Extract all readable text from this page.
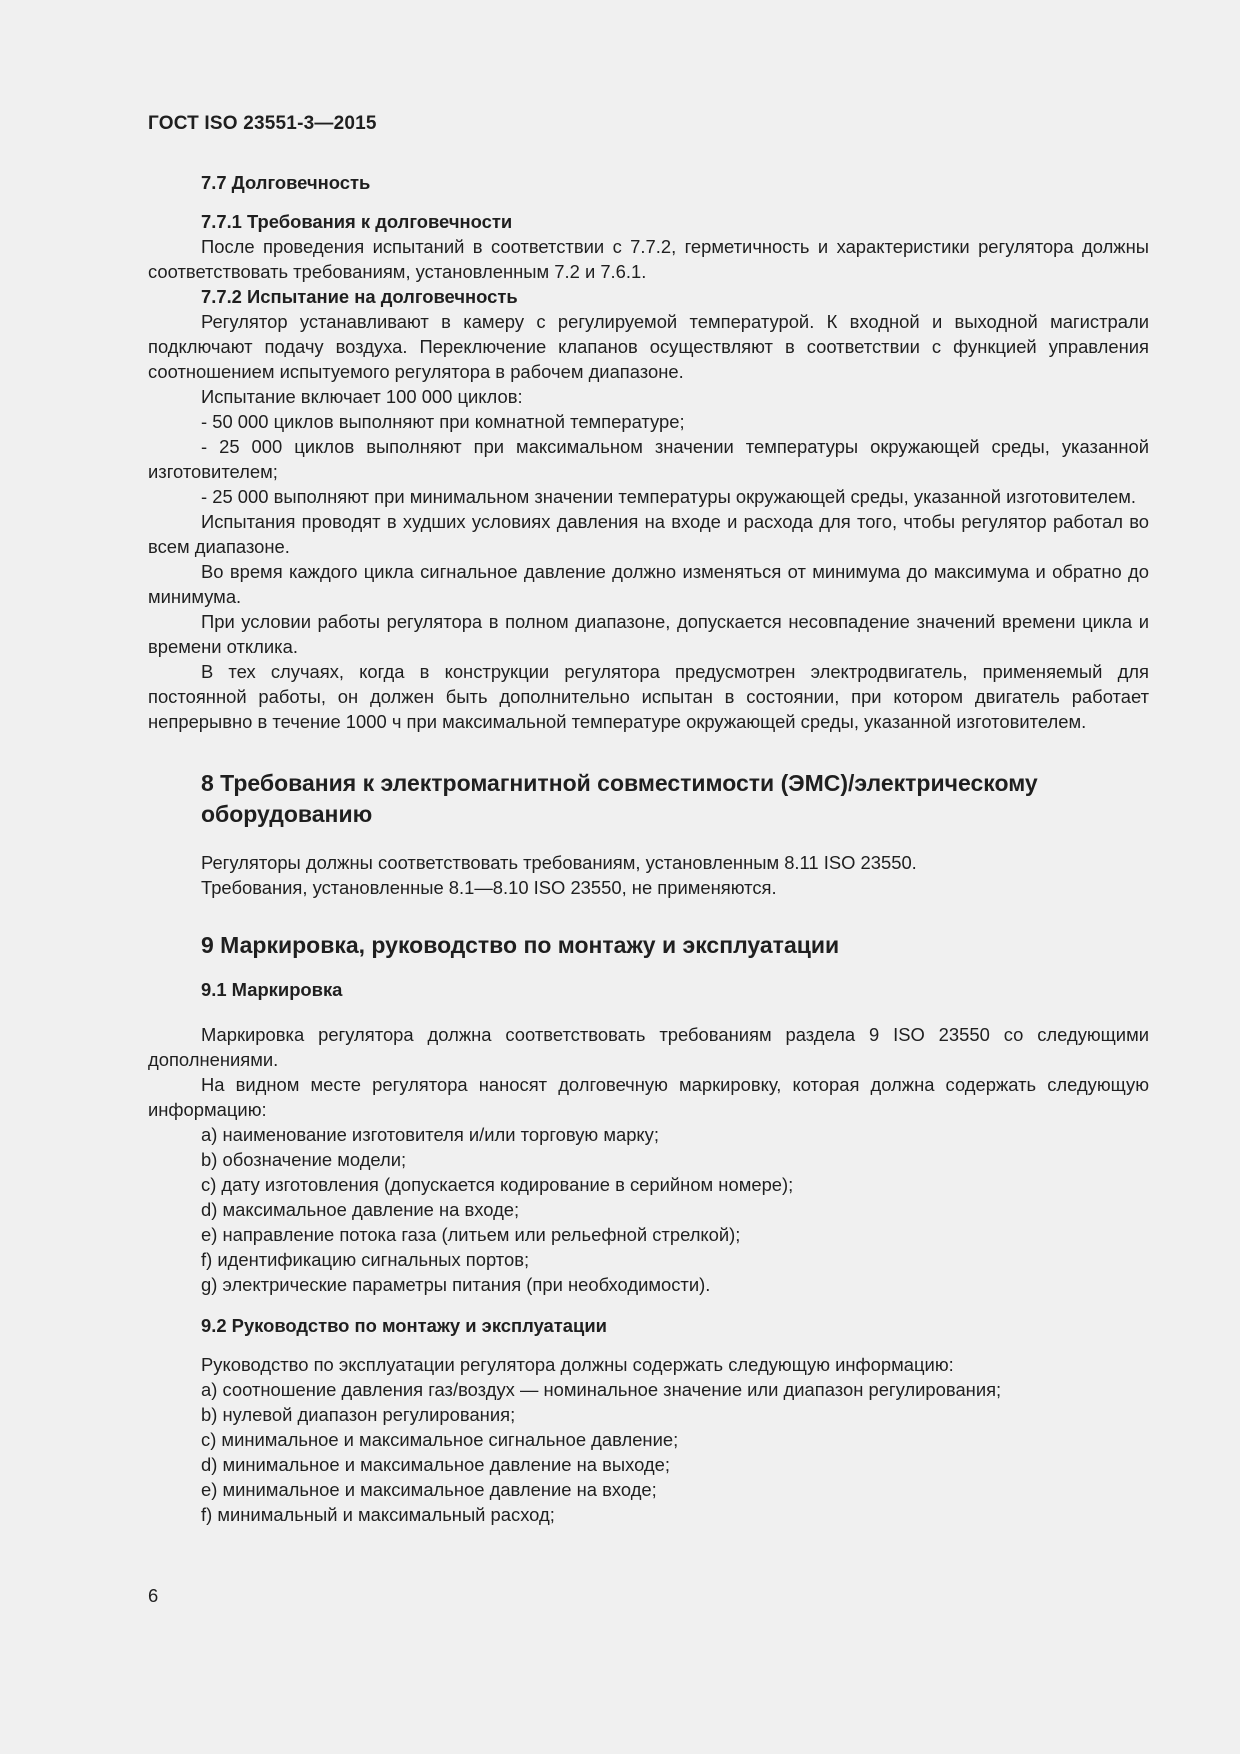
ГОСТ ISO 23551-3—2015
7.7 Долговечность
7.7.1 Требования к долговечности

После проведения испытаний в соответствии с 7.7.2, герметичность и характеристики регулятора должны соответствовать требованиям, установленным 7.2 и 7.6.1.

7.7.2 Испытание на долговечность

Регулятор устанавливают в камеру с регулируемой температурой. К входной и выходной магистрали подключают подачу воздуха. Переключение клапанов осуществляют в соответствии с функцией управления соотношением испытуемого регулятора в рабочем диапазоне.

Испытание включает 100 000 циклов:

- 50 000 циклов выполняют при комнатной температуре;

- 25 000 циклов выполняют при максимальном значении температуры окружающей среды, указанной изготовителем;

- 25 000 выполняют при минимальном значении температуры окружающей среды, указанной изготовителем.

Испытания проводят в худших условиях давления на входе и расхода для того, чтобы регулятор работал во всем диапазоне.

Во время каждого цикла сигнальное давление должно изменяться от минимума до максимума и обратно до минимума.

При условии работы регулятора в полном диапазоне, допускается несовпадение значений времени цикла и времени отклика.

В тех случаях, когда в конструкции регулятора предусмотрен электродвигатель, применяемый для постоянной работы, он должен быть дополнительно испытан в состоянии, при котором двигатель работает непрерывно в течение 1000 ч при максимальной температуре окружающей среды, указанной изготовителем.

8 Требования к электромагнитной совместимости (ЭМС)/электрическому оборудованию

Регуляторы должны соответствовать требованиям, установленным 8.11 ISO 23550.

Требования, установленные 8.1—8.10 ISO 23550, не применяются.

9 Маркировка, руководство по монтажу и эксплуатации
9.1 Маркировка

Маркировка регулятора должна соответствовать требованиям раздела 9 ISO 23550 со следующими дополнениями.

На видном месте регулятора наносят долговечную маркировку, которая должна содержать следующую информацию:

a) наименование изготовителя и/или торговую марку;

b) обозначение модели;

c) дату изготовления (допускается кодирование в серийном номере);

d) максимальное давление на входе;

e) направление потока газа (литьем или рельефной стрелкой);

f) идентификацию сигнальных портов;

g) электрические параметры питания (при необходимости).

9.2 Руководство по монтажу и эксплуатации

Руководство по эксплуатации регулятора должны содержать следующую информацию:

a) соотношение давления газ/воздух — номинальное значение или диапазон регулирования;

b) нулевой диапазон регулирования;

c) минимальное и максимальное сигнальное давление;

d) минимальное и максимальное давление на выходе;

e) минимальное и максимальное давление на входе;

f) минимальный и максимальный расход;

6
